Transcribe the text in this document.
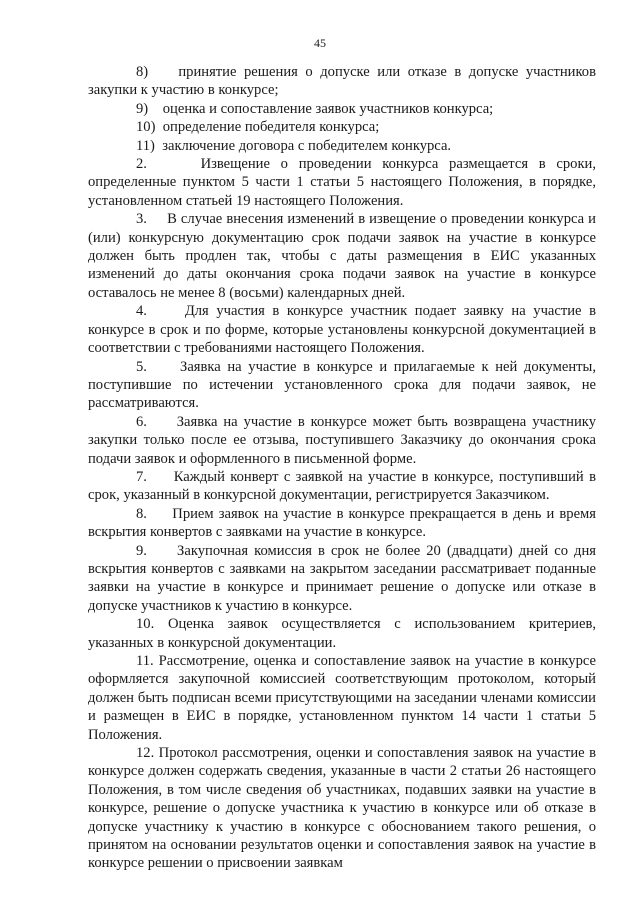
45

8)    принятие решения о допуске или отказе в допуске участников закупки к участию в конкурсе;

9)    оценка и сопоставление заявок участников конкурса;

10)  определение победителя конкурса;

11)  заключение договора с победителем конкурса.

2.     Извещение о проведении конкурса размещается в сроки, определенные пунктом 5 части 1 статьи 5 настоящего Положения, в порядке, установленном статьей 19 настоящего Положения.

3.     В случае внесения изменений в извещение о проведении конкурса и (или) конкурсную документацию срок подачи заявок на участие в конкурсе должен быть продлен так, чтобы с даты размещения в ЕИС указанных изменений до даты окончания срока подачи заявок на участие в конкурсе оставалось не менее 8 (восьми) календарных дней.

4.     Для участия в конкурсе участник подает заявку на участие в конкурсе в срок и по форме, которые установлены конкурсной документацией в соответствии с требованиями настоящего Положения.

5.     Заявка на участие в конкурсе и прилагаемые к ней документы, поступившие по истечении установленного срока для подачи заявок, не рассматриваются.

6.     Заявка на участие в конкурсе может быть возвращена участнику закупки только после ее отзыва, поступившего Заказчику до окончания срока подачи заявок и оформленного в письменной форме.

7.     Каждый конверт с заявкой на участие в конкурсе, поступивший в срок, указанный в конкурсной документации, регистрируется Заказчиком.

8.     Прием заявок на участие в конкурсе прекращается в день и время вскрытия конвертов с заявками на участие в конкурсе.

9.     Закупочная комиссия в срок не более 20 (двадцати) дней со дня вскрытия конвертов с заявками на закрытом заседании рассматривает поданные заявки на участие в конкурсе и принимает решение о допуске или отказе в допуске участников к участию в конкурсе.

10. Оценка заявок осуществляется с использованием критериев, указанных в конкурсной документации.

11. Рассмотрение, оценка и сопоставление заявок на участие в конкурсе оформляется закупочной комиссией соответствующим протоколом, который должен быть подписан всеми присутствующими на заседании членами комиссии и размещен в ЕИС в порядке, установленном пунктом 14 части 1 статьи 5 Положения.

12. Протокол рассмотрения, оценки и сопоставления заявок на участие в конкурсе должен содержать сведения, указанные в части 2 статьи 26 настоящего Положения, в том числе сведения об участниках, подавших заявки на участие в конкурсе, решение о допуске участника к участию в конкурсе или об отказе в допуске участнику к участию в конкурсе с обоснованием такого решения, о принятом на основании результатов оценки и сопоставления заявок на участие в конкурсе решении о присвоении заявкам
